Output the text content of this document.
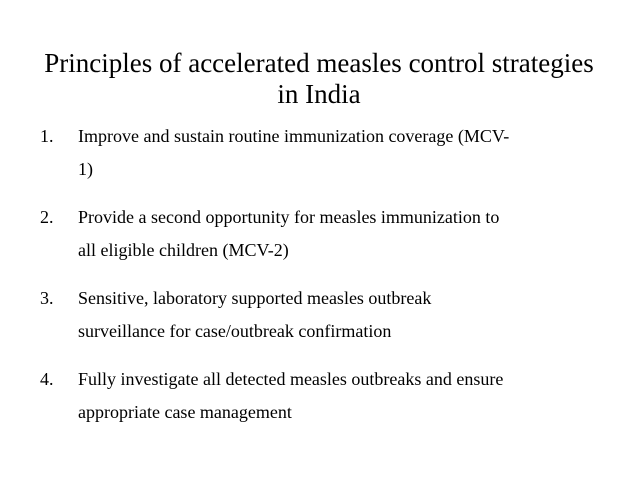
Principles of accelerated measles control strategies
in India
1. Improve and sustain routine immunization coverage (MCV-
1)
2. Provide a second opportunity for measles immunization to
all eligible children (MCV-2)
3. Sensitive, laboratory supported measles outbreak
surveillance for case/outbreak confirmation
4. Fully investigate all detected measles outbreaks and ensure
appropriate case management
